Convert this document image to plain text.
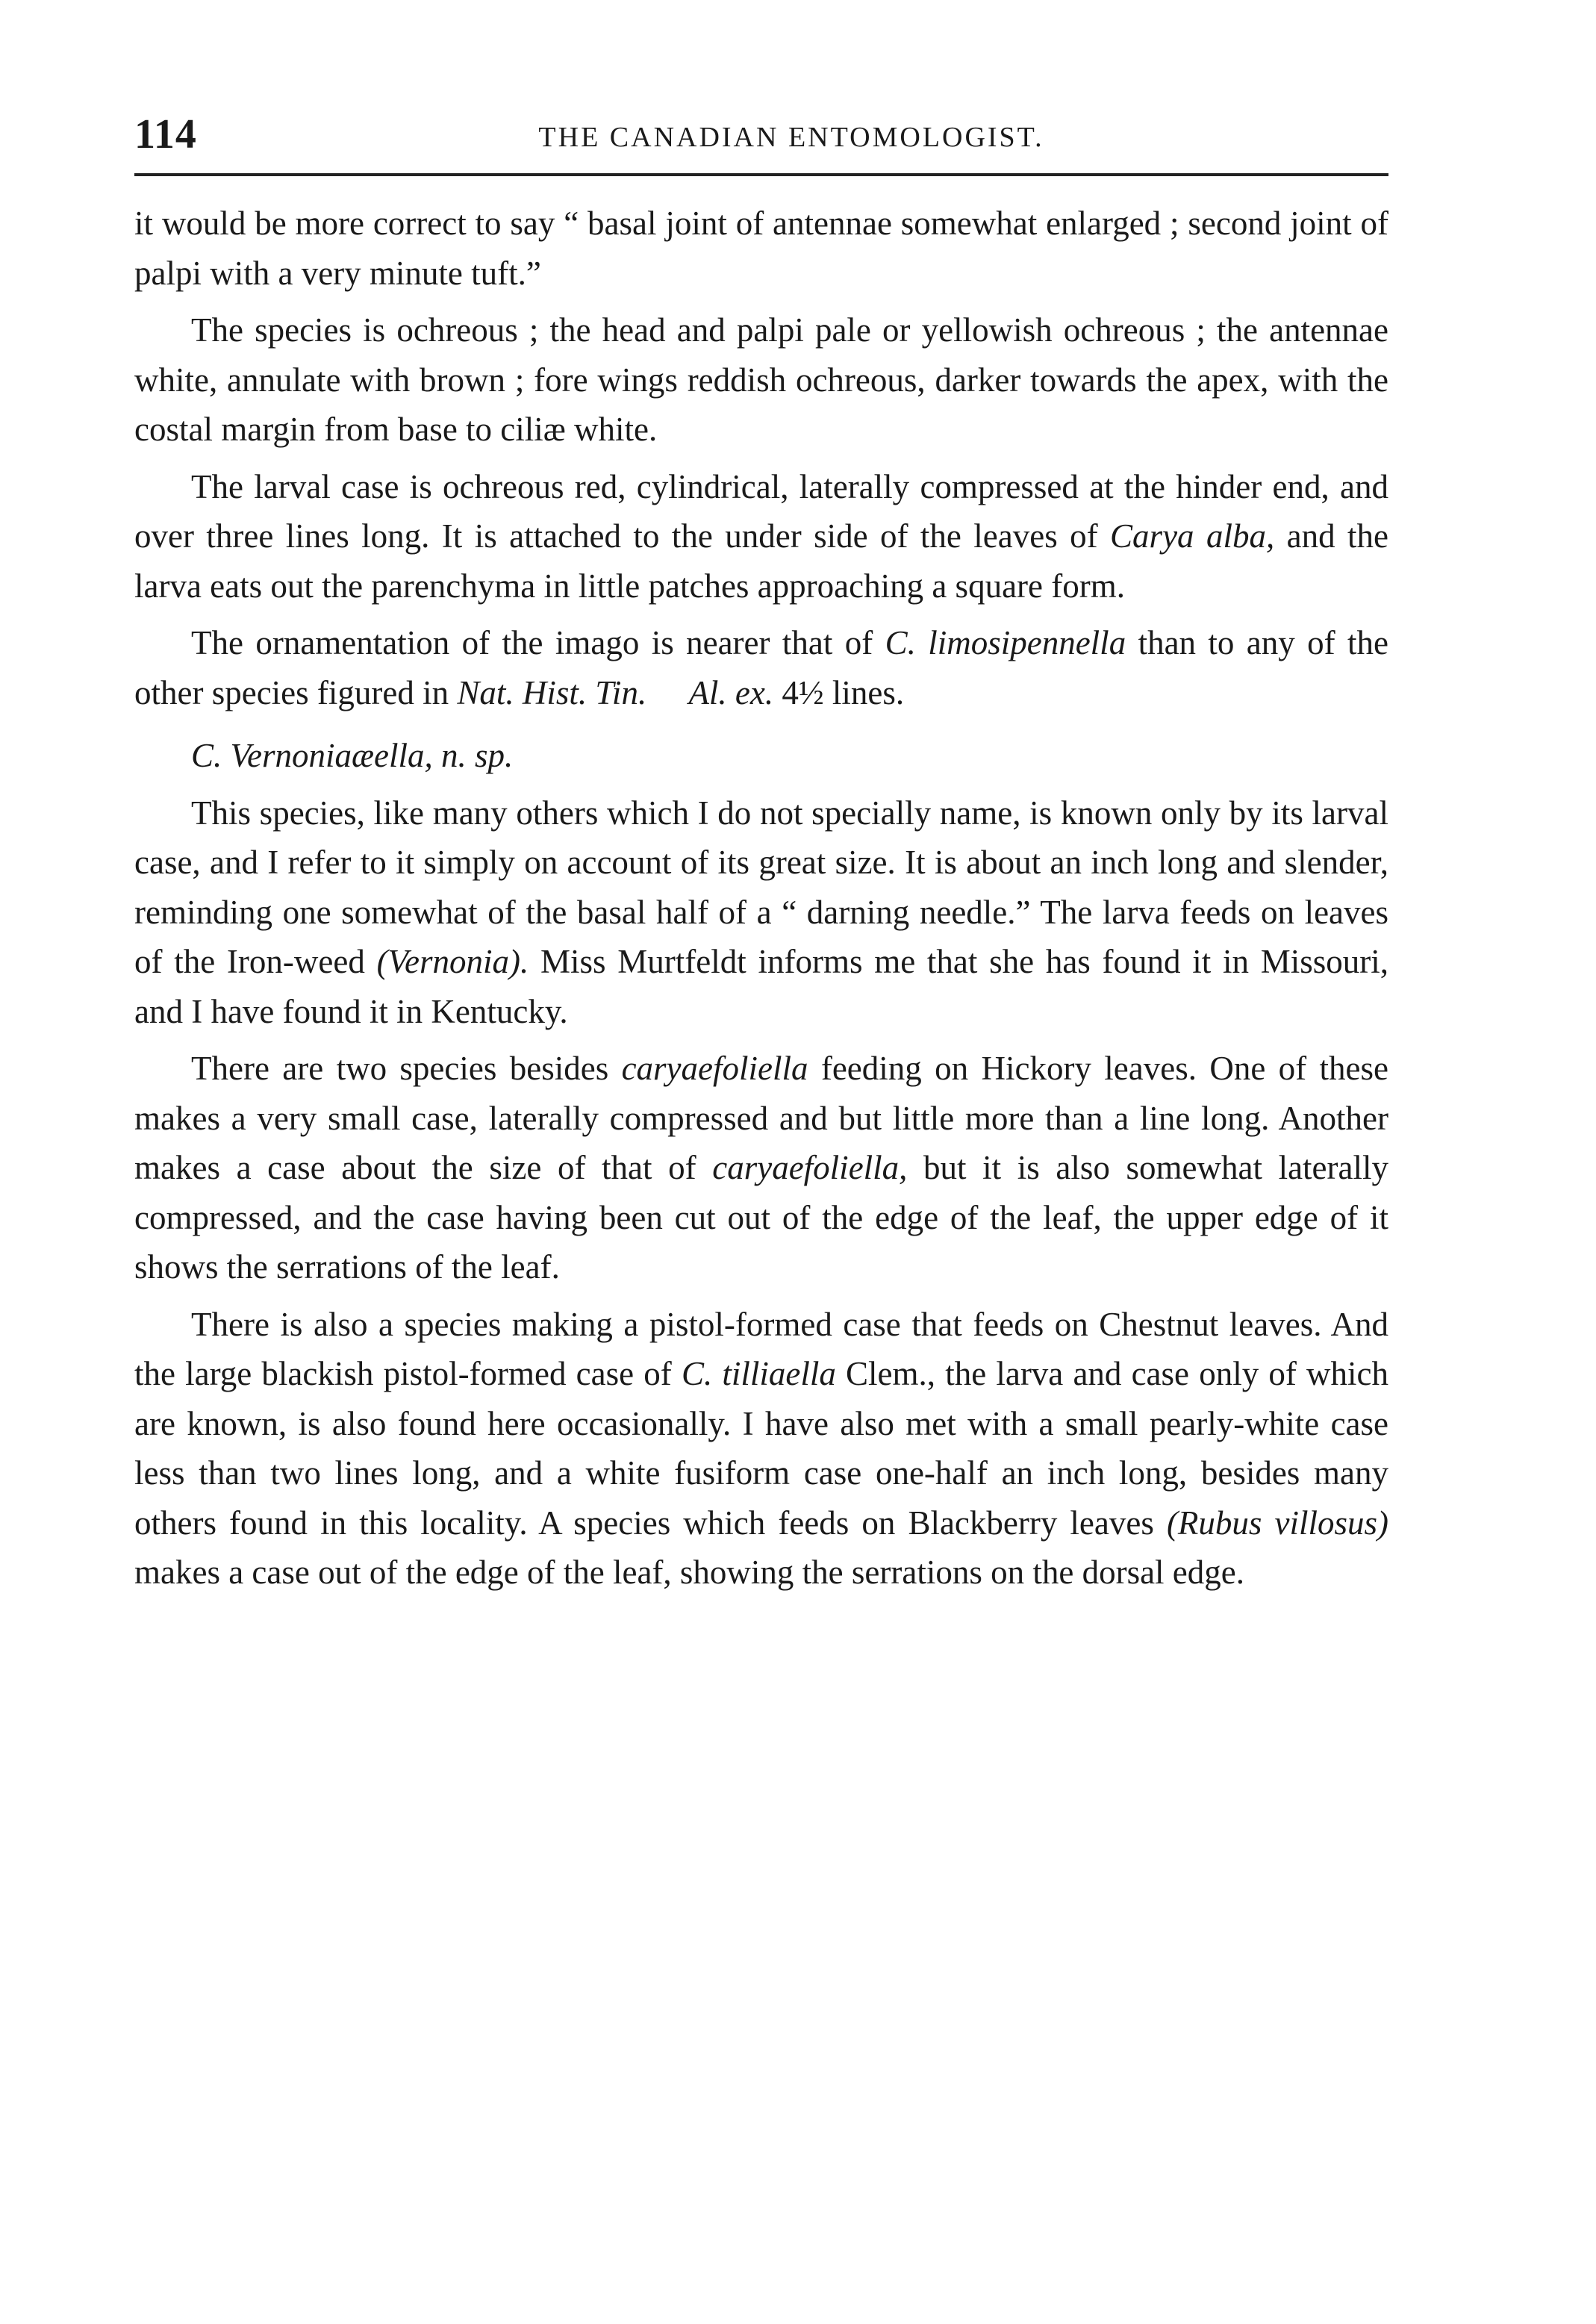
114	THE CANADIAN ENTOMOLOGIST.

it would be more correct to say “ basal joint of antennae somewhat enlarged ; second joint of palpi with a very minute tuft.”

The species is ochreous ; the head and palpi pale or yellowish ochreous ; the antennae white, annulate with brown ; fore wings reddish ochreous, darker towards the apex, with the costal margin from base to ciliæ white.

The larval case is ochreous red, cylindrical, laterally compressed at the hinder end, and over three lines long. It is attached to the under side of the leaves of Carya alba, and the larva eats out the parenchyma in little patches approaching a square form.

The ornamentation of the imago is nearer that of C. limosipennella than to any of the other species figured in Nat. Hist. Tin. Al. ex. 4½ lines.

C. Vernoniaæella, n. sp.

This species, like many others which I do not specially name, is known only by its larval case, and I refer to it simply on account of its great size. It is about an inch long and slender, reminding one somewhat of the basal half of a “ darning needle.” The larva feeds on leaves of the Iron-weed (Vernonia). Miss Murtfeldt informs me that she has found it in Missouri, and I have found it in Kentucky.

There are two species besides caryaefoliella feeding on Hickory leaves. One of these makes a very small case, laterally compressed and but little more than a line long. Another makes a case about the size of that of caryaefoliella, but it is also somewhat laterally compressed, and the case having been cut out of the edge of the leaf, the upper edge of it shows the serrations of the leaf.

There is also a species making a pistol-formed case that feeds on Chestnut leaves. And the large blackish pistol-formed case of C. tilliaella Clem., the larva and case only of which are known, is also found here occasionally. I have also met with a small pearly-white case less than two lines long, and a white fusiform case one-half an inch long, besides many others found in this locality. A species which feeds on Blackberry leaves (Rubus villosus) makes a case out of the edge of the leaf, showing the serrations on the dorsal edge.
